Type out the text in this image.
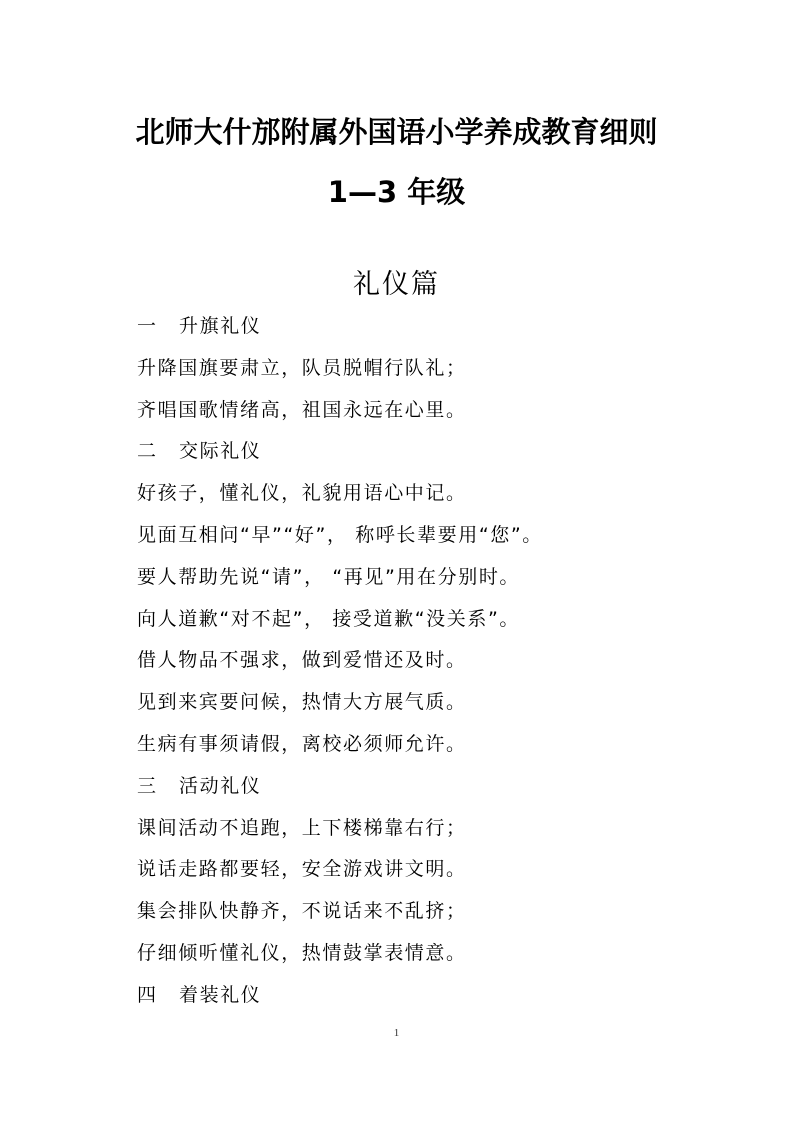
北师大什邡附属外国语小学养成教育细则
1—3 年级
礼仪篇
一 升旗礼仪
升降国旗要肃立，队员脱帽行队礼；
齐唱国歌情绪高，祖国永远在心里。
二 交际礼仪
好孩子，懂礼仪，礼貌用语心中记。
见面互相问“早”“好”， 称呼长辈要用“您”。
要人帮助先说“请”， “再见”用在分别时。
向人道歉“对不起”， 接受道歉“没关系”。
借人物品不强求，做到爱惜还及时。
见到来宾要问候，热情大方展气质。
生病有事须请假，离校必须师允许。
三 活动礼仪
课间活动不追跑，上下楼梯靠右行；
说话走路都要轻，安全游戏讲文明。
集会排队快静齐，不说话来不乱挤；
仔细倾听懂礼仪，热情鼓掌表情意。
四 着装礼仪
1
